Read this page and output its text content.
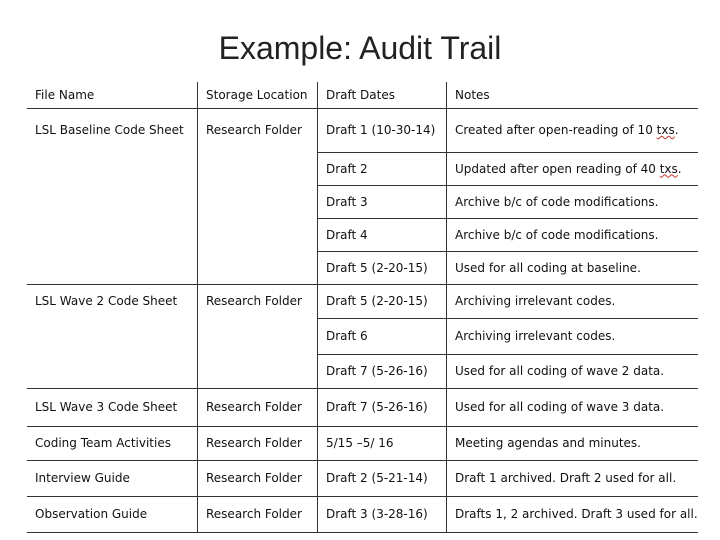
Example: Audit Trail
File Name	Storage Location	Draft Dates	Notes
LSL Baseline Code Sheet	Research Folder	Draft 1 (10-30-14)	Created after open-reading of 10 txs.
		Draft 2	Updated after open reading of 40 txs.
		Draft 3	Archive b/c of code modifications.
		Draft 4	Archive b/c of code modifications.
		Draft 5 (2-20-15)	Used for all coding at baseline.
LSL Wave 2 Code Sheet	Research Folder	Draft 5 (2-20-15)	Archiving irrelevant codes.
		Draft 6	Archiving irrelevant codes.
		Draft 7 (5-26-16)	Used for all coding of wave 2 data.
LSL Wave 3 Code Sheet	Research Folder	Draft 7 (5-26-16)	Used for all coding of wave 3 data.
Coding Team Activities	Research Folder	5/15 –5/ 16	Meeting agendas and minutes.
Interview Guide	Research Folder	Draft 2 (5-21-14)	Draft 1 archived. Draft 2 used for all.
Observation Guide	Research Folder	Draft 3 (3-28-16)	Drafts 1, 2 archived. Draft 3 used for all.
